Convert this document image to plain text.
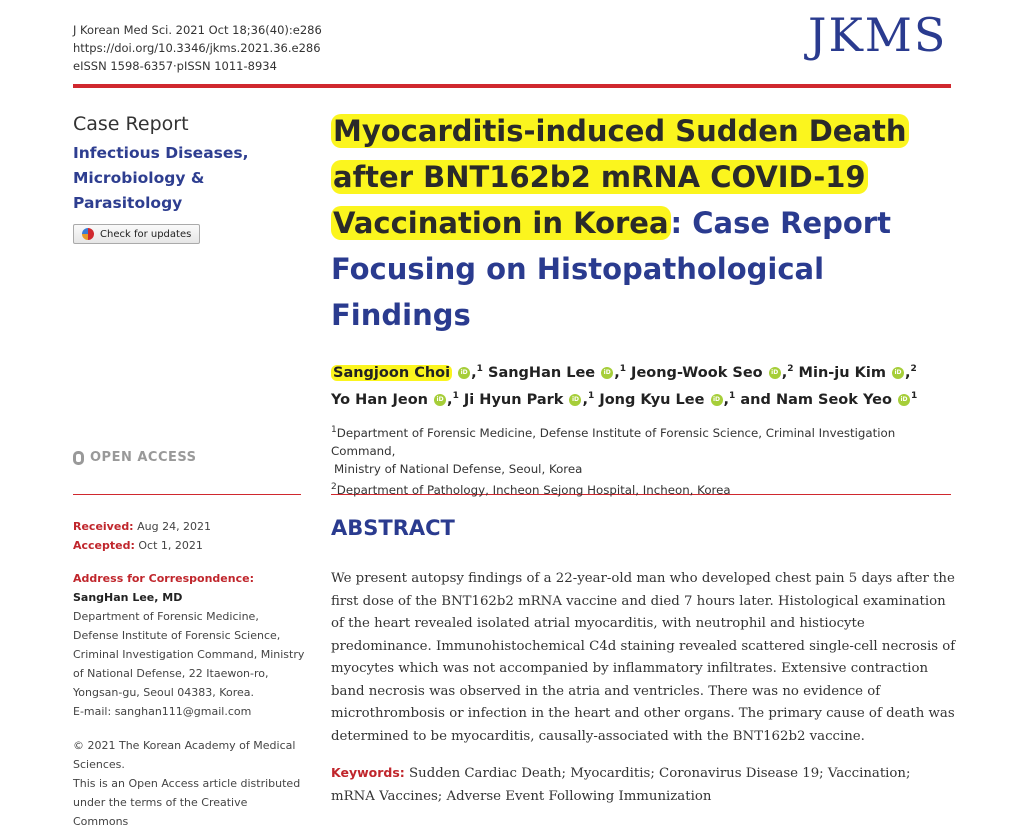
J Korean Med Sci. 2021 Oct 18;36(40):e286
https://doi.org/10.3346/jkms.2021.36.e286
eISSN 1598-6357·pISSN 1011-8934
JKMS
Case Report
Infectious Diseases,
Microbiology & Parasitology
Check for updates
OPEN ACCESS
Received: Aug 24, 2021
Accepted: Oct 1, 2021
Address for Correspondence:
SangHan Lee, MD
Department of Forensic Medicine, Defense Institute of Forensic Science, Criminal Investigation Command, Ministry of National Defense, 22 Itaewon-ro, Yongsan-gu, Seoul 04383, Korea.
E-mail: sanghan111@gmail.com
© 2021 The Korean Academy of Medical Sciences.
This is an Open Access article distributed under the terms of the Creative Commons
Myocarditis-induced Sudden Death
after BNT162b2 mRNA COVID-19
Vaccination in Korea: Case Report Focusing on Histopathological Findings
Sangjoon Choi iD ,$^1$ SangHan Lee iD ,$^1$ Jeong-Wook Seo iD ,$^2$ Min-ju Kim iD ,$^2$
Yo Han Jeon iD ,$^1$ Ji Hyun Park iD ,$^1$ Jong Kyu Lee iD ,$^1$ and Nam Seok Yeo iD $^1$
$^1$Department of Forensic Medicine, Defense Institute of Forensic Science, Criminal Investigation Command,
Ministry of National Defense, Seoul, Korea
$^2$Department of Pathology, Incheon Sejong Hospital, Incheon, Korea
ABSTRACT
We present autopsy findings of a 22-year-old man who developed chest pain 5 days after the first dose of the BNT162b2 mRNA vaccine and died 7 hours later. Histological examination of the heart revealed isolated atrial myocarditis, with neutrophil and histiocyte predominance. Immunohistochemical C4d staining revealed scattered single-cell necrosis of myocytes which was not accompanied by inflammatory infiltrates. Extensive contraction band necrosis was observed in the atria and ventricles. There was no evidence of microthrombosis or infection in the heart and other organs. The primary cause of death was determined to be myocarditis, causally-associated with the BNT162b2 vaccine.
Keywords: Sudden Cardiac Death; Myocarditis; Coronavirus Disease 19; Vaccination; mRNA Vaccines; Adverse Event Following Immunization
